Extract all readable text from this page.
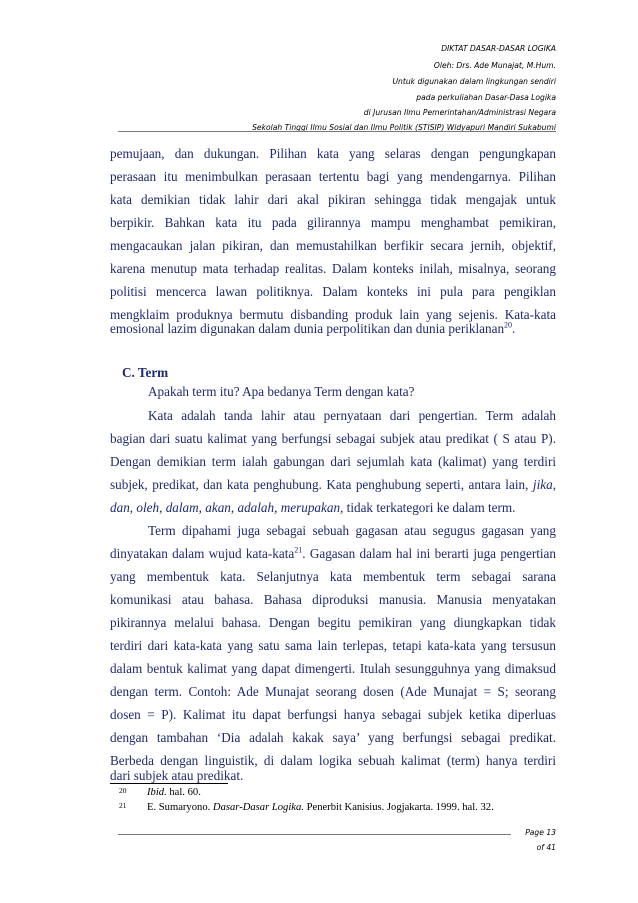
DIKTAT DASAR-DASAR LOGIKA
Oleh: Drs. Ade Munajat, M.Hum.
Untuk digunakan dalam lingkungan sendiri
pada perkuliahan Dasar-Dasa Logika
di Jurusan Ilmu Pemerintahan/Administrasi Negara
Sekolah Tinggi Ilmu Sosial dan Ilmu Politik (STISIP) Widyapuri Mandiri Sukabumi
pemujaan, dan dukungan. Pilihan kata yang selaras dengan pengungkapan
perasaan itu menimbulkan perasaan tertentu bagi yang mendengarnya. Pilihan
kata demikian tidak lahir dari akal pikiran sehingga tidak mengajak untuk
berpikir. Bahkan kata itu pada gilirannya mampu menghambat pemikiran,
mengacaukan jalan pikiran, dan memustahilkan berfikir secara jernih, objektif,
karena menutup mata terhadap realitas. Dalam konteks inilah, misalnya, seorang
politisi mencerca lawan politiknya. Dalam konteks ini pula para pengiklan
mengklaim produknya bermutu disbanding produk lain yang sejenis. Kata-kata
emosional lazim digunakan dalam dunia perpolitikan dan dunia periklanan$^{20}$.
C. Term
Apakah term itu? Apa bedanya Term dengan kata?
Kata adalah tanda lahir atau pernyataan dari pengertian. Term adalah
bagian dari suatu kalimat yang berfungsi sebagai subjek atau predikat ( S atau P).
Dengan demikian term ialah gabungan dari sejumlah kata (kalimat) yang terdiri
subjek, predikat, dan kata penghubung. Kata penghubung seperti, antara lain, jika,
dan, oleh, dalam, akan, adalah, merupakan, tidak terkategori ke dalam term.
Term dipahami juga sebagai sebuah gagasan atau segugus gagasan yang
dinyatakan dalam wujud kata-kata$^{21}$. Gagasan dalam hal ini berarti juga pengertian
yang membentuk kata. Selanjutnya kata membentuk term sebagai sarana
komunikasi atau bahasa. Bahasa diproduksi manusia. Manusia menyatakan
pikirannya melalui bahasa. Dengan begitu pemikiran yang diungkapkan tidak
terdiri dari kata-kata yang satu sama lain terlepas, tetapi kata-kata yang tersusun
dalam bentuk kalimat yang dapat dimengerti. Itulah sesungguhnya yang dimaksud
dengan term. Contoh: Ade Munajat seorang dosen (Ade Munajat = S; seorang
dosen = P). Kalimat itu dapat berfungsi hanya sebagai subjek ketika diperluas
dengan tambahan ‘Dia adalah kakak saya’ yang berfungsi sebagai predikat.
Berbeda dengan linguistik, di dalam logika sebuah kalimat (term) hanya terdiri
dari subjek atau predikat.
20 Ibid. hal. 60.
21 E. Sumaryono. Dasar-Dasar Logika. Penerbit Kanisius. Jogjakarta. 1999. hal. 32.
Page 13
of 41
